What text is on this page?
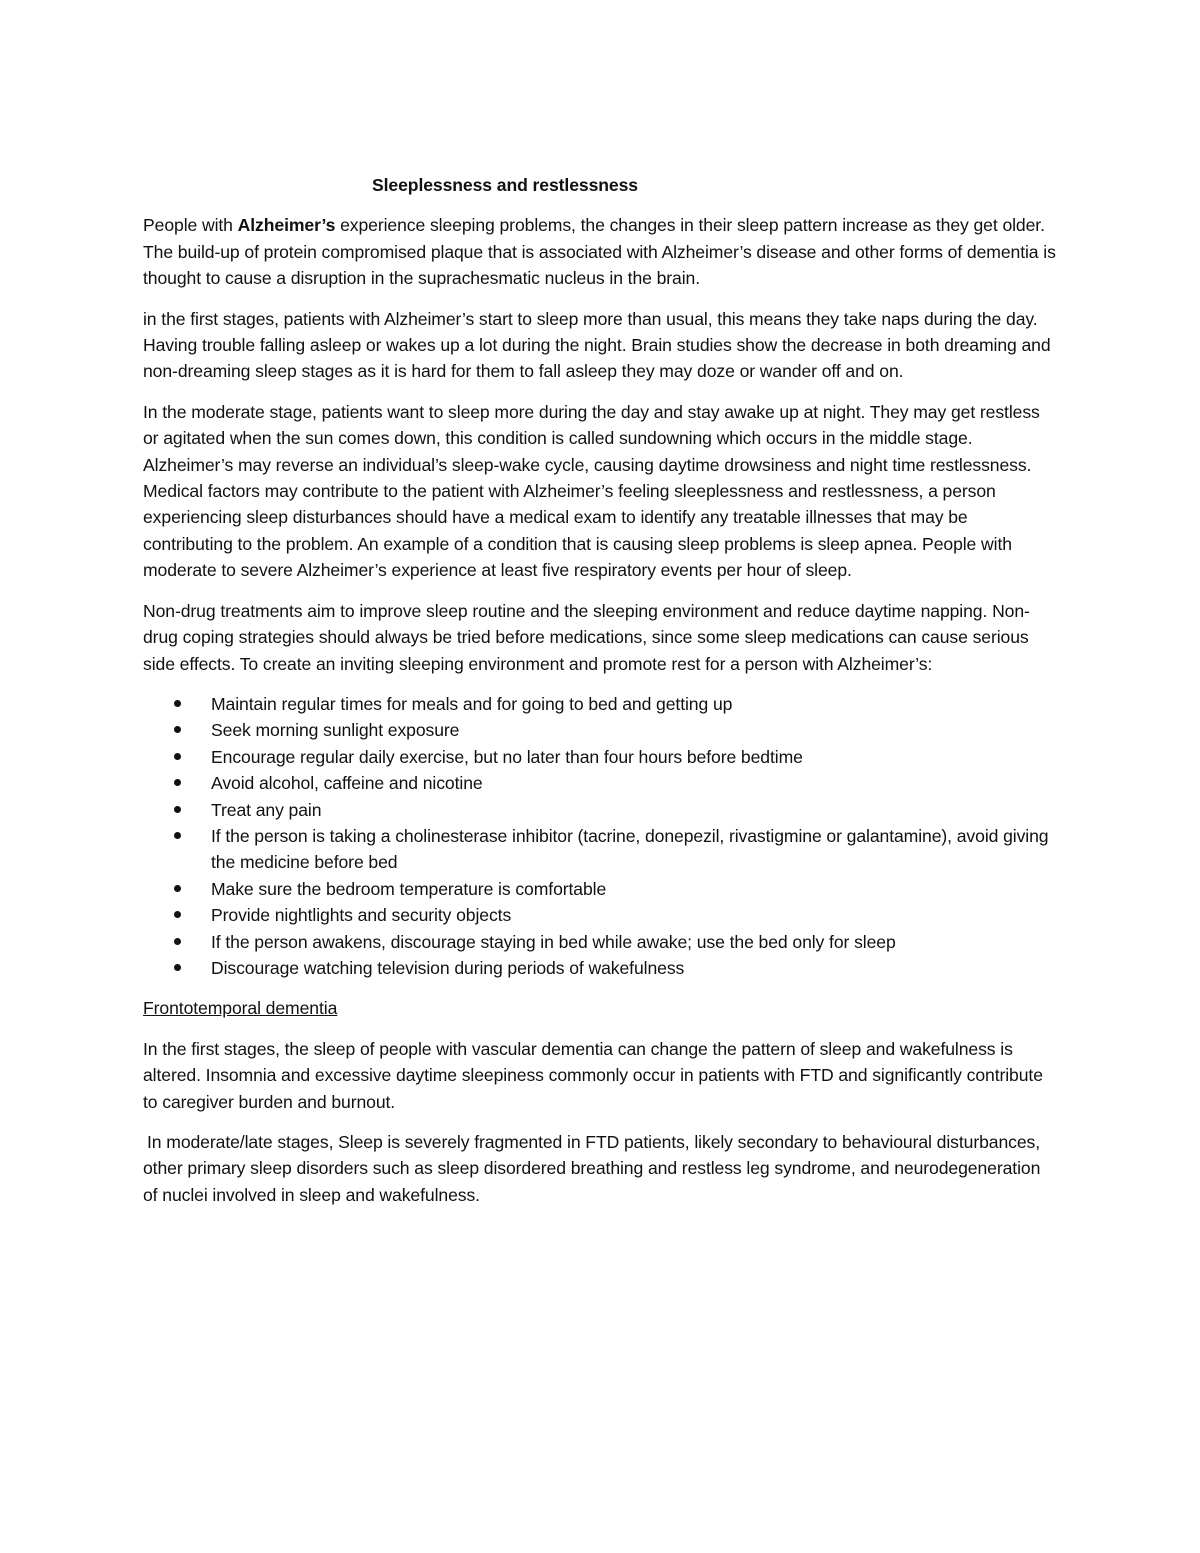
Sleeplessness and restlessness

People with Alzheimer’s experience sleeping problems, the changes in their sleep pattern increase as they get older. The build-up of protein compromised plaque that is associated with Alzheimer’s disease and other forms of dementia is thought to cause a disruption in the suprachesmatic nucleus in the brain.

in the first stages, patients with Alzheimer’s start to sleep more than usual, this means they take naps during the day. Having trouble falling asleep or wakes up a lot during the night. Brain studies show the decrease in both dreaming and non-dreaming sleep stages as it is hard for them to fall asleep they may doze or wander off and on.

In the moderate stage, patients want to sleep more during the day and stay awake up at night. They may get restless or agitated when the sun comes down, this condition is called sundowning which occurs in the middle stage. Alzheimer’s may reverse an individual’s sleep-wake cycle, causing daytime drowsiness and night time restlessness. Medical factors may contribute to the patient with Alzheimer’s feeling sleeplessness and restlessness, a person experiencing sleep disturbances should have a medical exam to identify any treatable illnesses that may be contributing to the problem. An example of a condition that is causing sleep problems is sleep apnea. People with moderate to severe Alzheimer’s experience at least five respiratory events per hour of sleep.

Non-drug treatments aim to improve sleep routine and the sleeping environment and reduce daytime napping. Non-drug coping strategies should always be tried before medications, since some sleep medications can cause serious side effects. To create an inviting sleeping environment and promote rest for a person with Alzheimer’s:

Maintain regular times for meals and for going to bed and getting up
Seek morning sunlight exposure
Encourage regular daily exercise, but no later than four hours before bedtime
Avoid alcohol, caffeine and nicotine
Treat any pain
If the person is taking a cholinesterase inhibitor (tacrine, donepezil, rivastigmine or galantamine), avoid giving the medicine before bed
Make sure the bedroom temperature is comfortable
Provide nightlights and security objects
If the person awakens, discourage staying in bed while awake; use the bed only for sleep
Discourage watching television during periods of wakefulness

Frontotemporal dementia

In the first stages, the sleep of people with vascular dementia can change the pattern of sleep and wakefulness is altered. Insomnia and excessive daytime sleepiness commonly occur in patients with FTD and significantly contribute to caregiver burden and burnout.

In moderate/late stages, Sleep is severely fragmented in FTD patients, likely secondary to behavioural disturbances, other primary sleep disorders such as sleep disordered breathing and restless leg syndrome, and neurodegeneration of nuclei involved in sleep and wakefulness.
